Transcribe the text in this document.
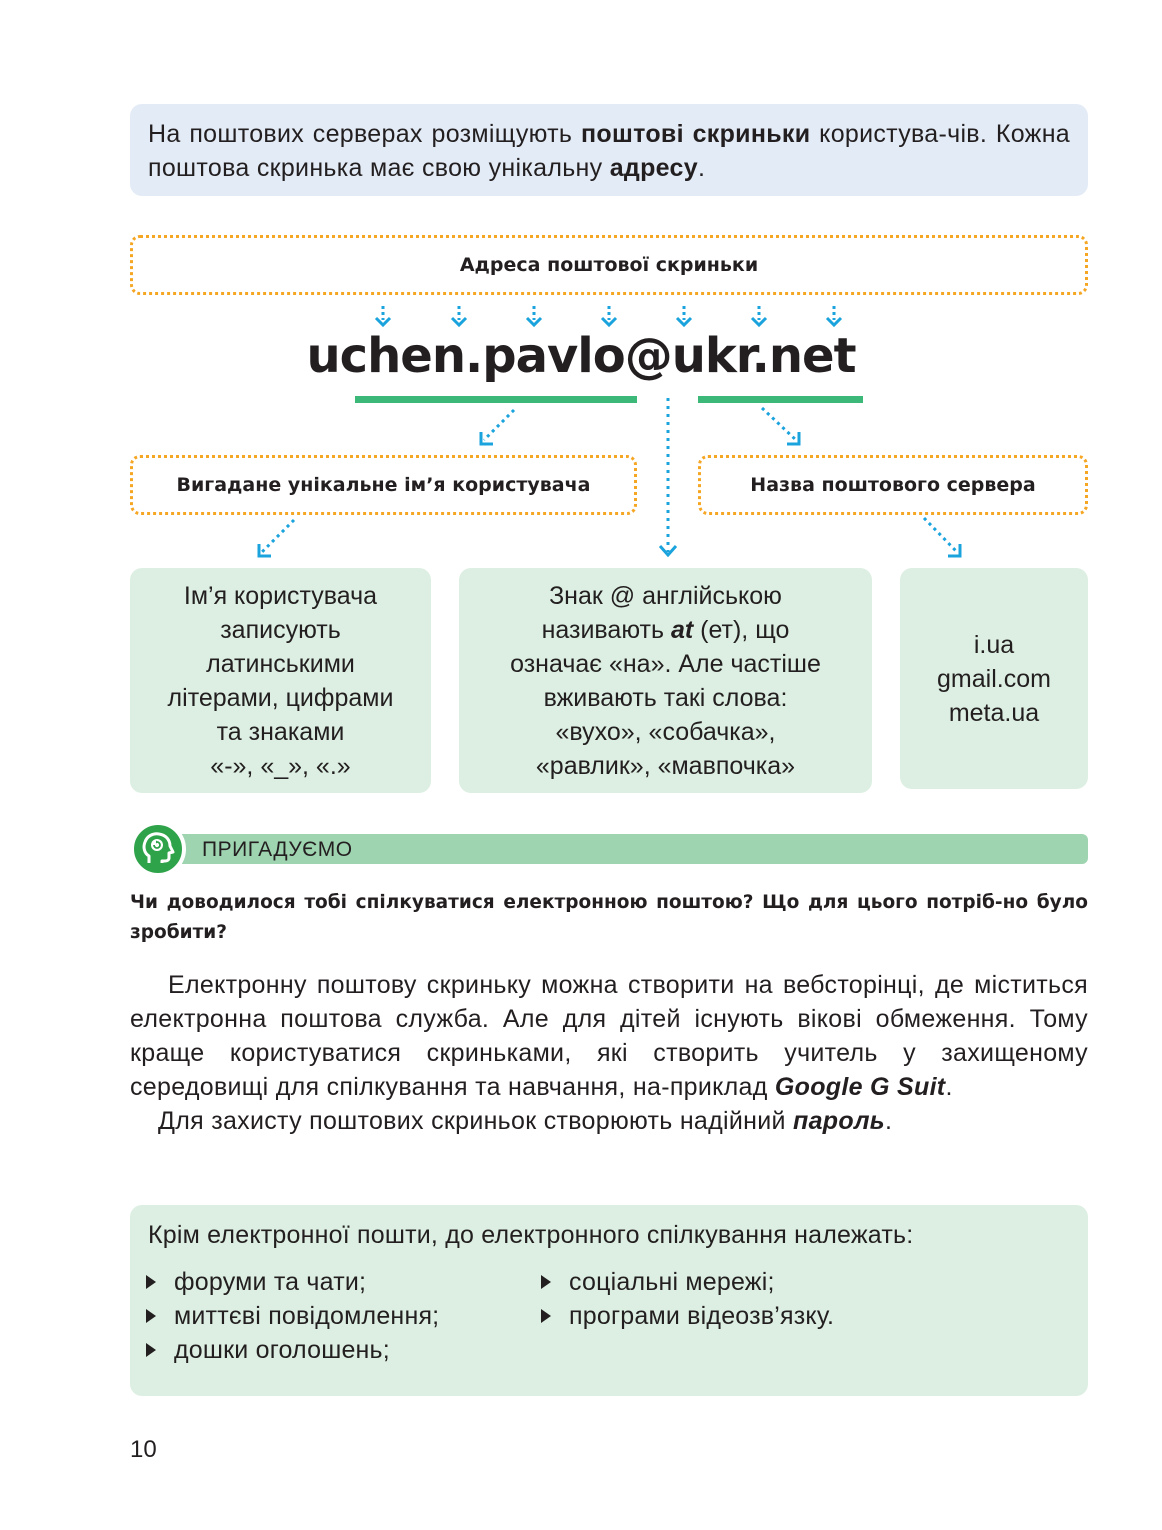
На поштових серверах розміщують поштові скриньки користува-чів. Кожна поштова скринька має свою унікальну адресу.
Адреса поштової скриньки
uchen.pavlo@ukr.net
Вигадане унікальне ім’я користувача	Назва поштового сервера
Ім’я користувача
записують
латинськими
літерами, цифрами
та знаками
«-», «_», «.»
Знак @ англійською
називають at (ет), що
означає «на». Але частіше
вживають такі слова:
«вухо», «собачка»,
«равлик», «мавпочка»
i.ua
gmail.com
meta.ua
ПРИГАДУЄМО
Чи доводилося тобі спілкуватися електронною поштою? Що для цього потріб-но було зробити?

Електронну поштову скриньку можна створити на вебсторінці, де міститься електронна поштова служба. Але для дітей існують вікові обмеження. Тому краще користуватися скриньками, які створить учитель у захищеному середовищі для спілкування та навчання, на-приклад Google G Suit.

Для захисту поштових скриньок створюють надійний пароль.

Крім електронної пошти, до електронного спілкування належать:
форуми та чати;
миттєві повідомлення;
дошки оголошень;
соціальні мережі;
програми відеозв’язку.
10
